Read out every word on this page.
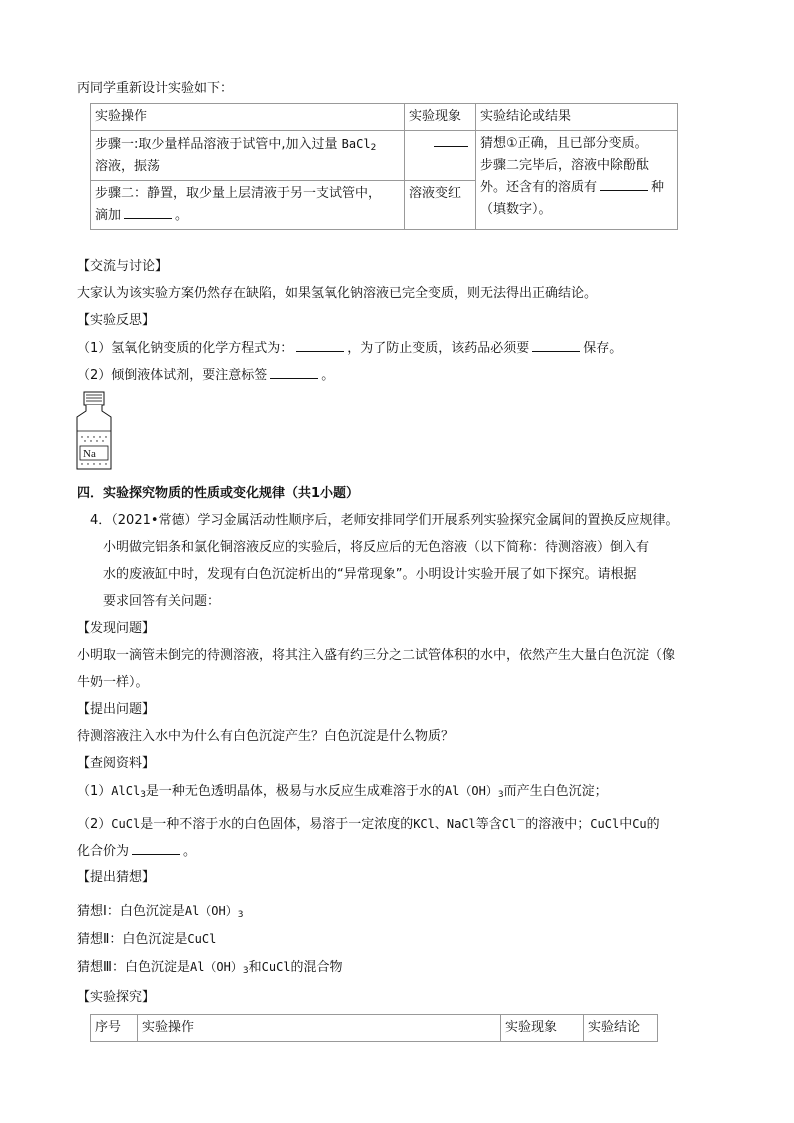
丙同学重新设计实验如下：
实验操作	实验现象	实验结论或结果
步骤一:取少量样品溶液于试管中,加入过量 BaCl$_2$
溶液，振荡		猜想①正确，且已部分变质。
步骤二完毕后，溶液中除酚酞
外。还含有的溶质有 种
（填数字）。
步骤二：静置，取少量上层清液于另一支试管中，
滴加 。	溶液变红	
【交流与讨论】
大家认为该实验方案仍然存在缺陷，如果氢氧化钠溶液已完全变质，则无法得出正确结论。
【实验反思】
（1）氢氧化钠变质的化学方程式为：	，为了防止变质，该药品必须要	保存。
（2）倾倒液体试剂，要注意标签	。
Na 
四．实验探究物质的性质或变化规律（共1小题）
4．（2021•常德）学习金属活动性顺序后，老师安排同学们开展系列实验探究金属间的置换反应规律。
小明做完铝条和氯化铜溶液反应的实验后，将反应后的无色溶液（以下简称：待测溶液）倒入有
水的废液缸中时，发现有白色沉淀析出的“异常现象”。小明设计实验开展了如下探究。请根据
要求回答有关问题：
【发现问题】
小明取一滴管未倒完的待测溶液，将其注入盛有约三分之二试管体积的水中，依然产生大量白色沉淀（像
牛奶一样）。
【提出问题】
待测溶液注入水中为什么有白色沉淀产生？白色沉淀是什么物质？
【查阅资料】
（1）AlCl$_3$是一种无色透明晶体，极易与水反应生成难溶于水的$Al(OH)_3$而产生白色沉淀；
（2）CuCl是一种不溶于水的白色固体，易溶于一定浓度的KCl、NaCl等含Cl－的溶液中；CuCl中Cu的
化合价为	。
【提出猜想】
猜想Ⅰ：白色沉淀是$Al(OH)_3$
猜想Ⅱ：白色沉淀是CuCl
猜想Ⅲ：白色沉淀是$Al(OH)_3$和CuCl的混合物
【实验探究】
序号	实验操作	实验现象	实验结论
